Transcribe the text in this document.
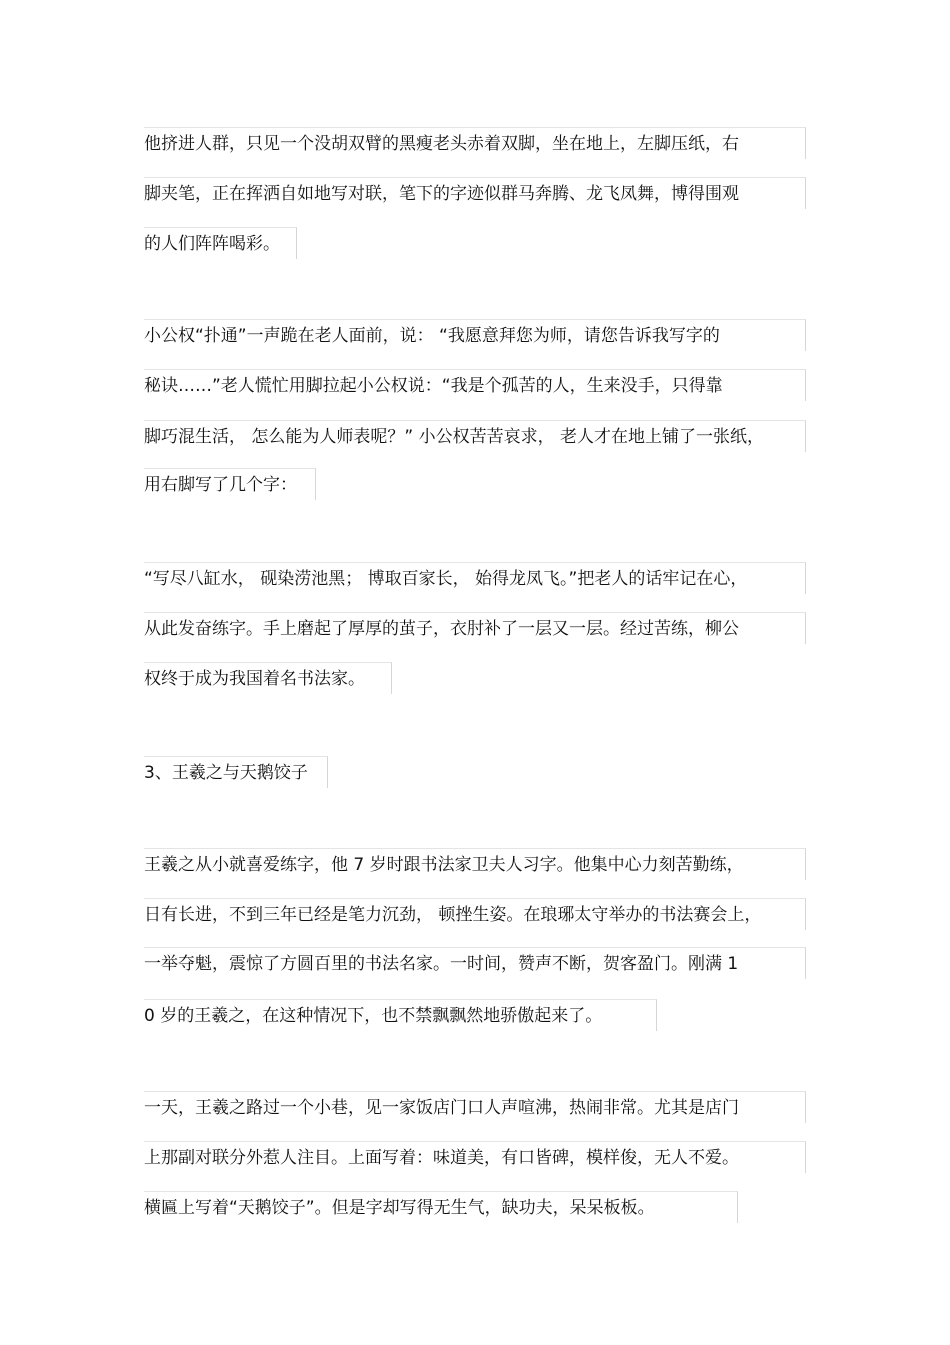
他挤进人群，只见一个没胡双臂的黑瘦老头赤着双脚，坐在地上，左脚压纸，右
脚夹笔，正在挥洒自如地写对联，笔下的字迹似群马奔腾、龙飞凤舞，博得围观
的人们阵阵喝彩。
小公权“扑通”一声跪在老人面前，说： “我愿意拜您为师，请您告诉我写字的
秘诀……”老人慌忙用脚拉起小公权说：“我是个孤苦的人，生来没手，只得靠
脚巧混生活， 怎么能为人师表呢？” 小公权苦苦哀求， 老人才在地上铺了一张纸，
用右脚写了几个字：
“写尽八缸水， 砚染涝池黑； 博取百家长， 始得龙凤飞。”把老人的话牢记在心，
从此发奋练字。手上磨起了厚厚的茧子，衣肘补了一层又一层。经过苦练，柳公
权终于成为我国着名书法家。
3、王羲之与天鹅饺子
王羲之从小就喜爱练字，他 7 岁时跟书法家卫夫人习字。他集中心力刻苦勤练，
日有长进，不到三年已经是笔力沉劲， 顿挫生姿。在琅琊太守举办的书法赛会上，
一举夺魁，震惊了方圆百里的书法名家。一时间，赞声不断，贺客盈门。刚满 1
0 岁的王羲之，在这种情况下，也不禁飘飘然地骄傲起来了。
一天，王羲之路过一个小巷，见一家饭店门口人声喧沸，热闹非常。尤其是店门
上那副对联分外惹人注目。上面写着：味道美，有口皆碑，模样俊，无人不爱。
横匾上写着“天鹅饺子”。但是字却写得无生气，缺功夫，呆呆板板。
